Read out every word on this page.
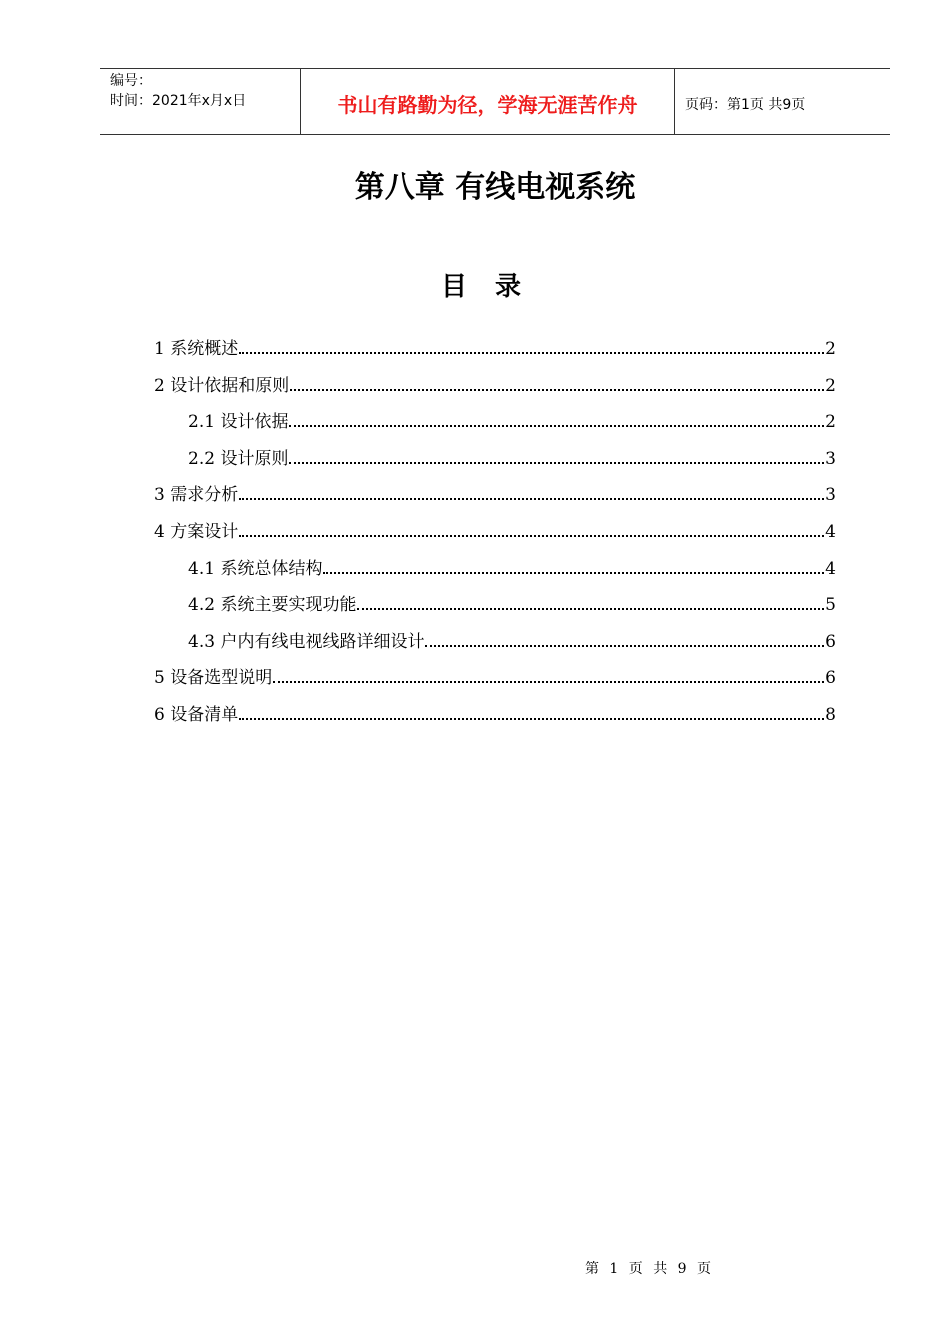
编号：
时间：2021年x月x日	书山有路勤为径，学海无涯苦作舟	页码：第1页 共9页
第八章 有线电视系统
目录
1 系统概述	2
2 设计依据和原则	2
2.1 设计依据	2
2.2 设计原则	3
3 需求分析	3
4 方案设计	4
4.1 系统总体结构	4
4.2 系统主要实现功能	5
4.3 户内有线电视线路详细设计	6
5 设备选型说明	6
6 设备清单	8
第 1 页 共 9 页
